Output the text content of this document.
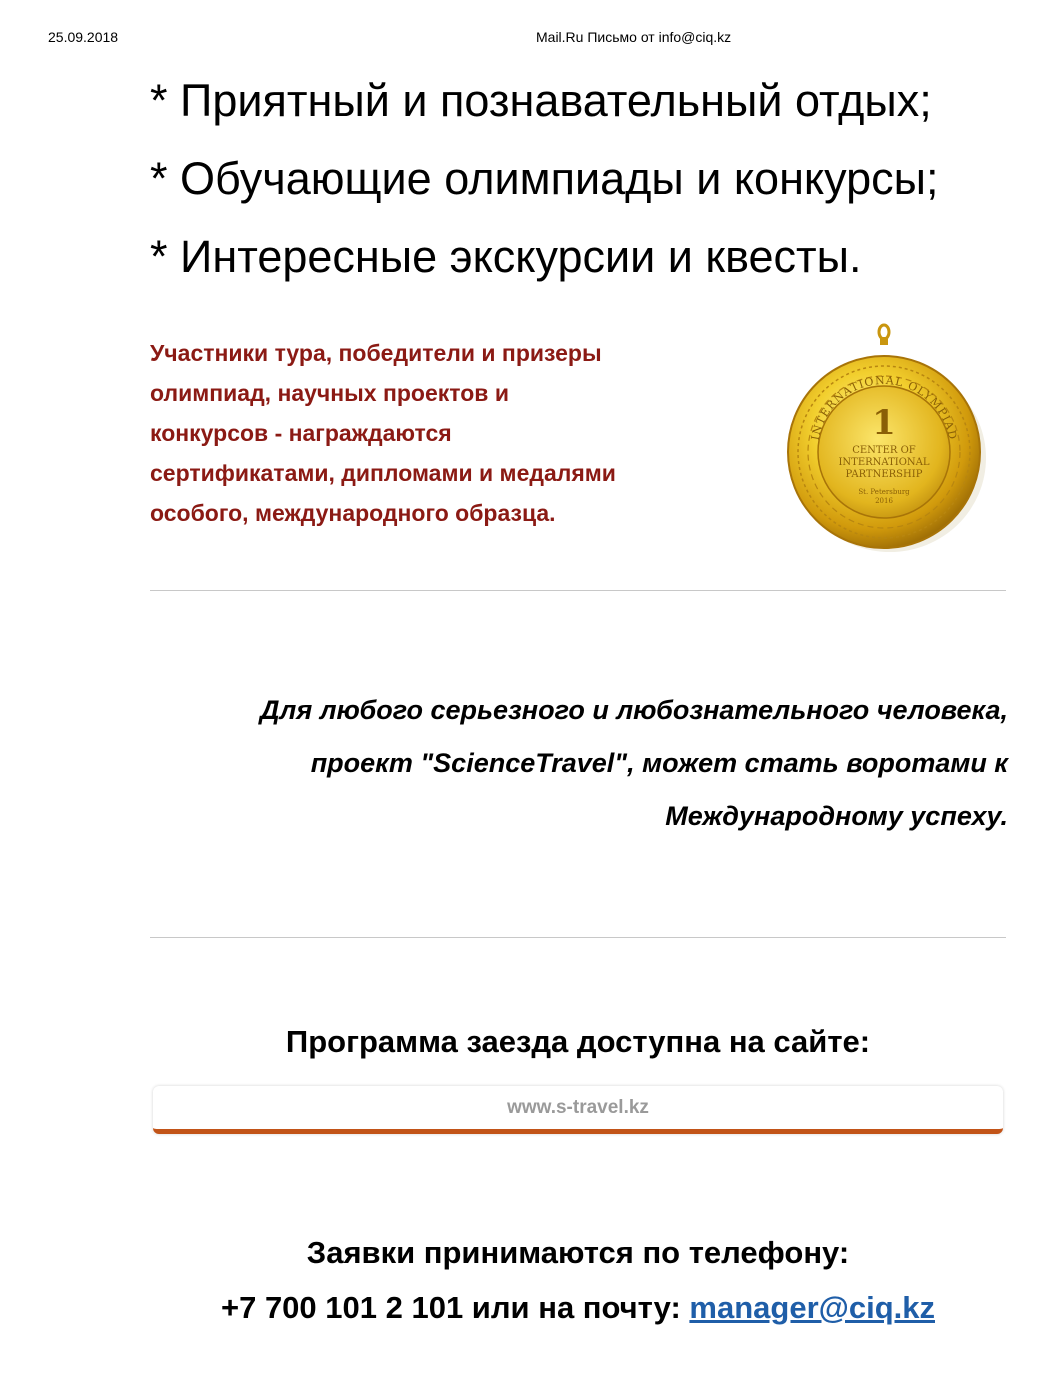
25.09.2018	Mail.Ru Письмо от info@ciq.kz
* Приятный и познавательный отдых;
* Обучающие олимпиады и конкурсы;
* Интересные экскурсии и квесты.
Участники тура, победители и призеры
олимпиад, научных проектов и
конкурсов - награждаются
сертификатами, дипломами и медалями
особого, международного образца.
INTERNATIONAL OLYMPIAD
1
CENTER OF
INTERNATIONAL
PARTNERSHIP
St. Petersburg
2016
Для любого серьезного и любознательного человека,
проект "ScienceTravel", может стать воротами к
Международному успеху.
Программа заезда доступна на сайте:
www.s-travel.kz
Заявки принимаются по телефону:
+7 700 101 2 101 или на почту: manager@ciq.kz
